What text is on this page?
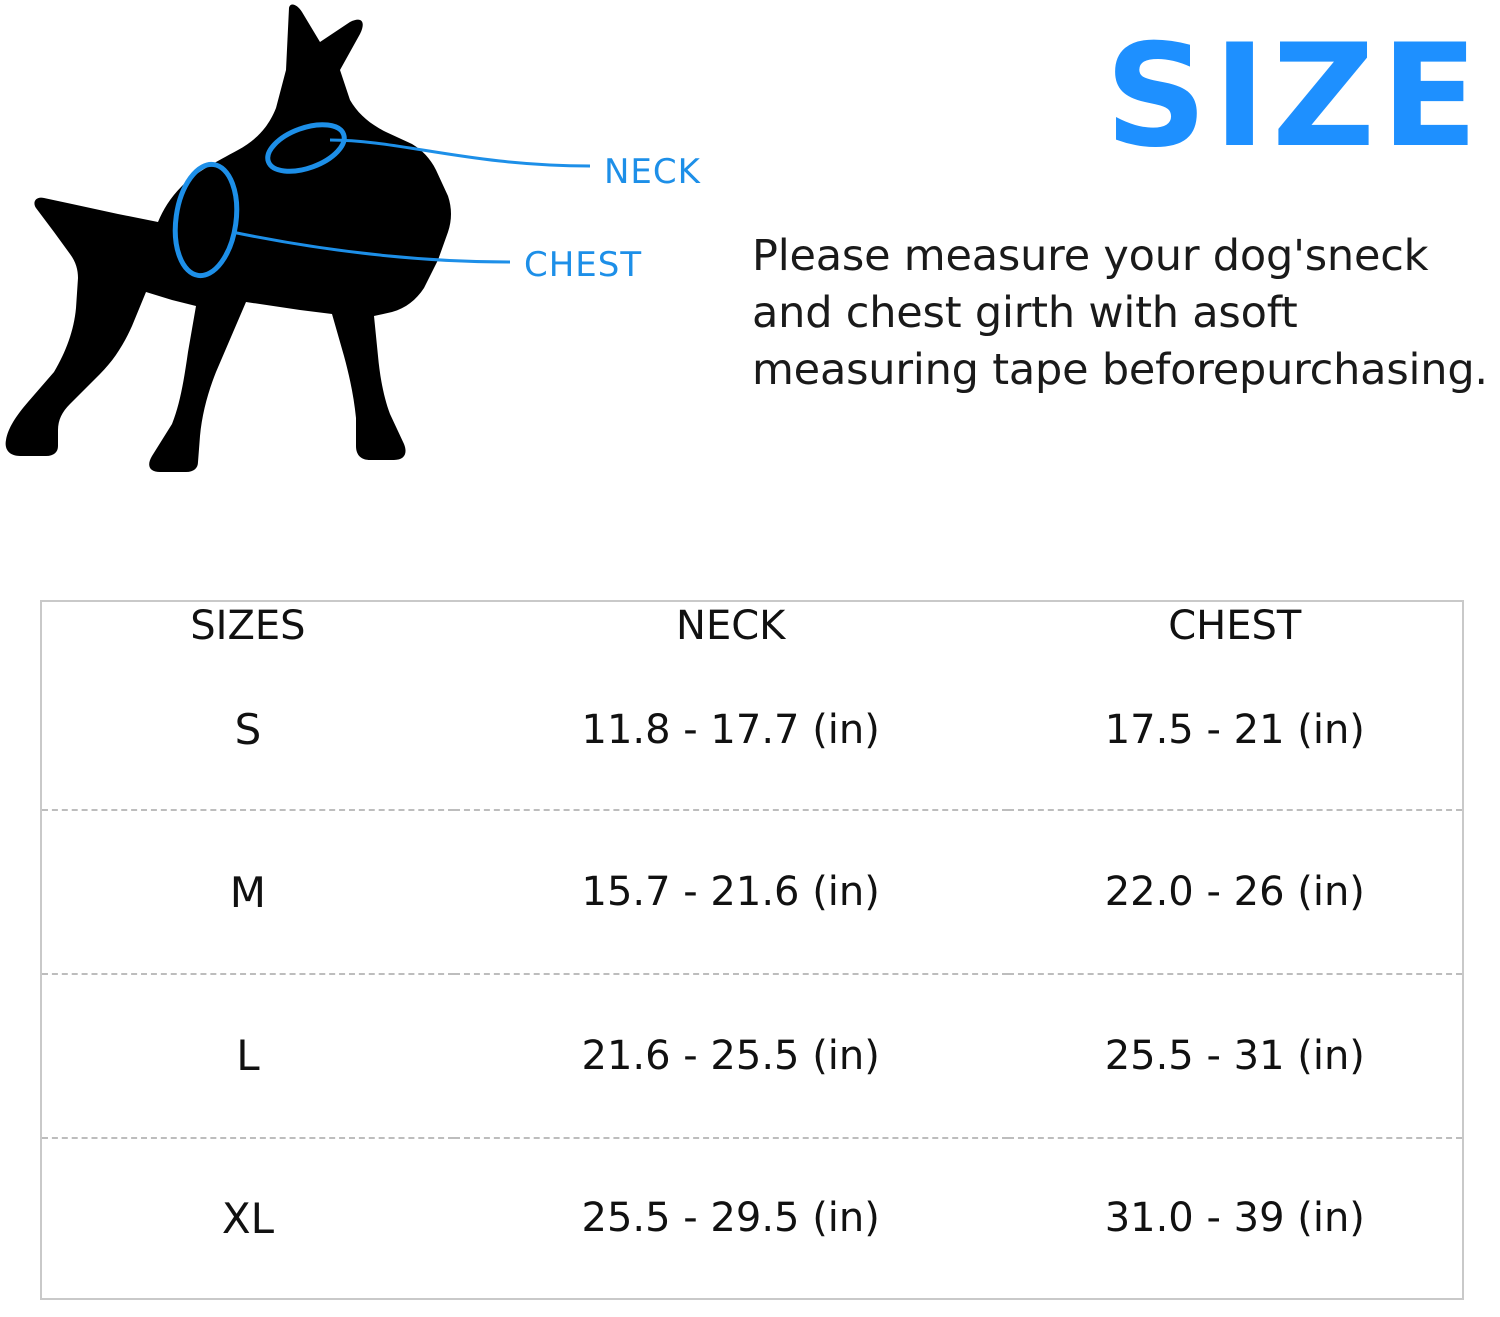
NECK
CHEST
SIZE
Please measure your dog'sneck and chest girth with asoft measuring tape beforepurchasing.
SIZES	NECK	CHEST
S	11.8 - 17.7 (in)	17.5 - 21 (in)
M	15.7 - 21.6 (in)	22.0 - 26 (in)
L	21.6 - 25.5 (in)	25.5 - 31 (in)
XL	25.5 - 29.5 (in)	31.0 - 39 (in)
